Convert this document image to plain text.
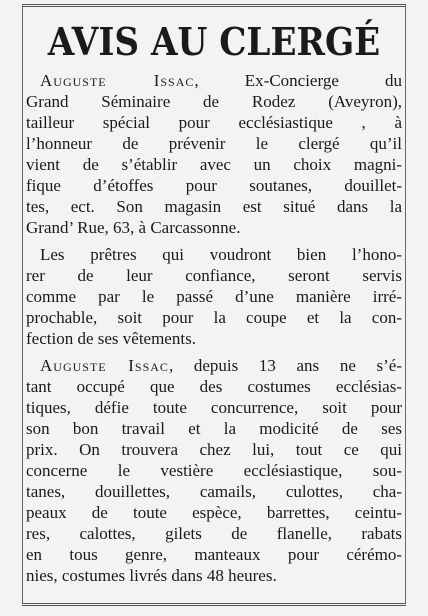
AVIS AU CLERGÉ

Auguste Issac, Ex-Concierge du
Grand Séminaire de Rodez (Aveyron),
tailleur spécial pour ecclésiastique , à
l’honneur de prévenir le clergé qu’il
vient de s’établir avec un choix magni-
fique d’étoffes pour soutanes, douillet-
tes, ect. Son magasin est situé dans la
Grand’ Rue, 63, à Carcassonne.

Les prêtres qui voudront bien l’hono-
rer de leur confiance, seront servis
comme par le passé d’une manière irré-
prochable, soit pour la coupe et la con-
fection de ses vêtements.

Auguste Issac, depuis 13 ans ne s’é-
tant occupé que des costumes ecclésias-
tiques, défie toute concurrence, soit pour
son bon travail et la modicité de ses
prix. On trouvera chez lui, tout ce qui
concerne le vestière ecclésiastique, sou-
tanes, douillettes, camails, culottes, cha-
peaux de toute espèce, barrettes, ceintu-
res, calottes, gilets de flanelle, rabats
en tous genre, manteaux pour cérémo-
nies, costumes livrés dans 48 heures.
